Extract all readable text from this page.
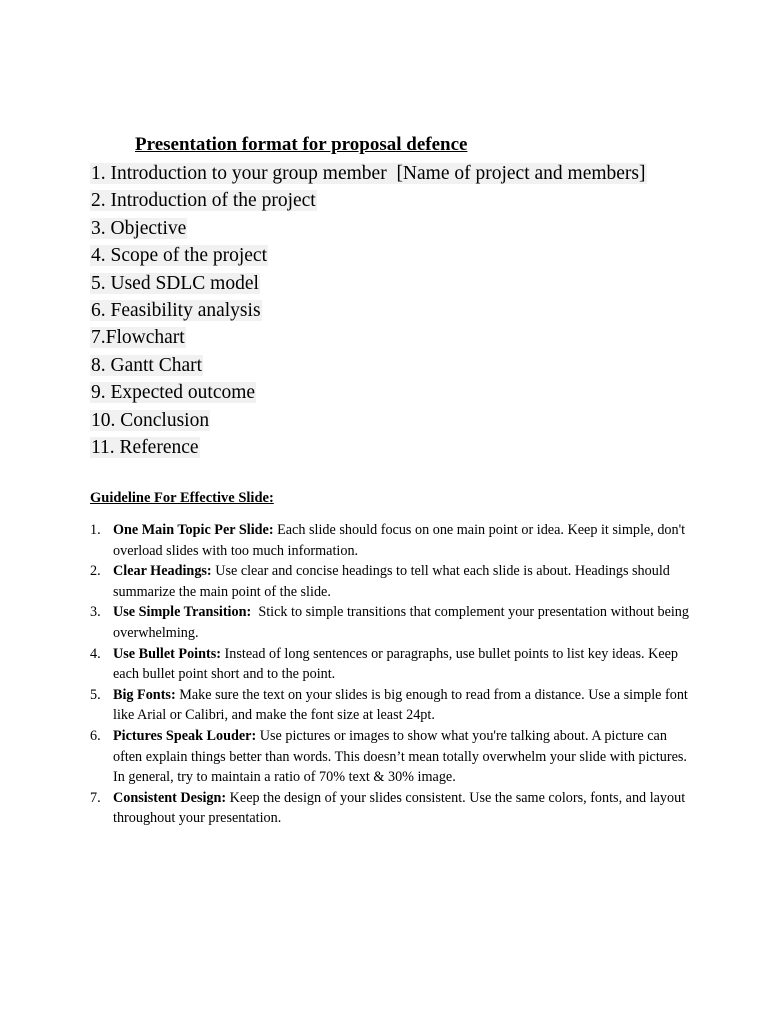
Presentation format for proposal defence
1. Introduction to your group member  [Name of project and members]
2. Introduction of the project
3. Objective
4. Scope of the project
5. Used SDLC model
6. Feasibility analysis
7.Flowchart
8. Gantt Chart
9. Expected outcome
10. Conclusion
11. Reference
Guideline For Effective Slide:
1. One Main Topic Per Slide: Each slide should focus on one main point or idea. Keep it simple, don't overload slides with too much information.
2. Clear Headings: Use clear and concise headings to tell what each slide is about. Headings should summarize the main point of the slide.
3. Use Simple Transition:  Stick to simple transitions that complement your presentation without being overwhelming.
4. Use Bullet Points: Instead of long sentences or paragraphs, use bullet points to list key ideas. Keep each bullet point short and to the point.
5. Big Fonts: Make sure the text on your slides is big enough to read from a distance. Use a simple font like Arial or Calibri, and make the font size at least 24pt.
6. Pictures Speak Louder: Use pictures or images to show what you're talking about. A picture can often explain things better than words. This doesn’t mean totally overwhelm your slide with pictures. In general, try to maintain a ratio of 70% text & 30% image.
7. Consistent Design: Keep the design of your slides consistent. Use the same colors, fonts, and layout throughout your presentation.
